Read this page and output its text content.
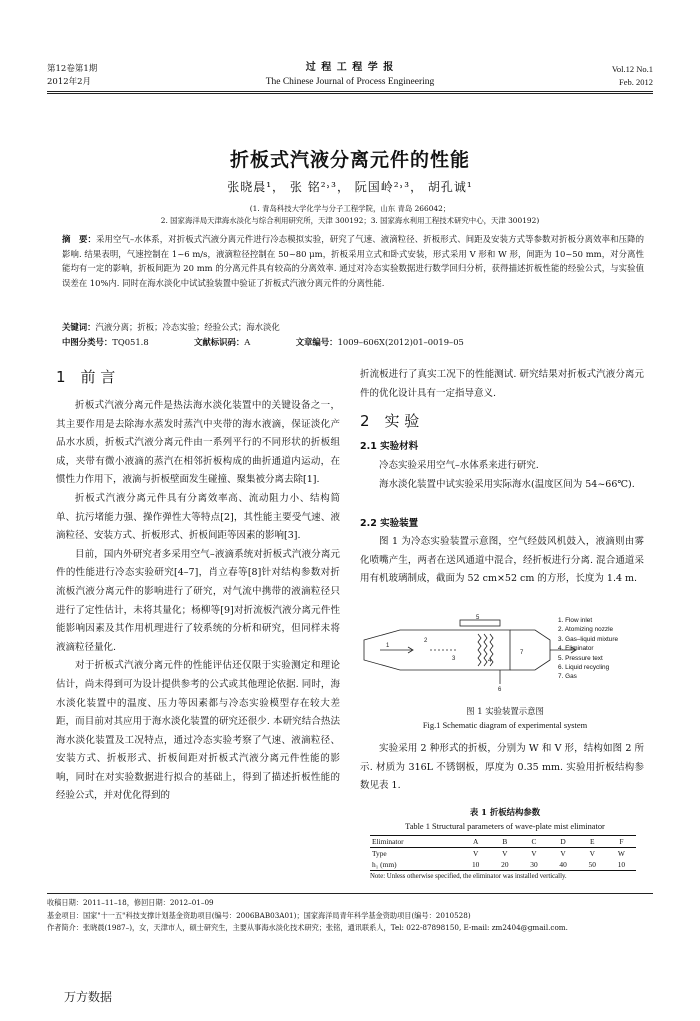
第12卷第1期
2012年2月
过 程 工 程 学 报
The Chinese Journal of Process Engineering
Vol.12 No.1
Feb. 2012
折板式汽液分离元件的性能
张晓晨¹， 张 铭²˒³， 阮国岭²˒³， 胡孔诚¹
(1. 青岛科技大学化学与分子工程学院，山东 青岛 266042；
2. 国家海洋局天津海水淡化与综合利用研究所，天津 300192；3. 国家海水利用工程技术研究中心，天津 300192)
摘　要：采用空气–水体系，对折板式汽液分离元件进行冷态模拟实验，研究了气速、液滴粒径、折板形式、间距及安装方式等参数对折板分离效率和压降的影响. 结果表明，气速控制在 1~6 m/s，液滴粒径控制在 50~80 μm，折板采用立式和卧式安装，形式采用 V 形和 W 形，间距为 10~50 mm，对分离性能均有一定的影响，折板间距为 20 mm 的分离元件具有较高的分离效率. 通过对冷态实验数据进行数学回归分析，获得描述折板性能的经验公式，与实验值误差在 10%内. 同时在海水淡化中试试验装置中验证了折板式汽液分离元件的分离性能.
关键词：汽液分离；折板；冷态实验；经验公式；海水淡化
中图分类号：TQ051.8	文献标识码：A	文章编号：1009–606X(2012)01–0019–05
1　前 言

折板式汽液分离元件是热法海水淡化装置中的关键设备之一，其主要作用是去除海水蒸发时蒸汽中夹带的海水液滴，保证淡化产品水水质，折板式汽液分离元件由一系列平行的不同形状的折板组成，夹带有微小液滴的蒸汽在相邻折板构成的曲折通道内运动，在惯性力作用下，液滴与折板壁面发生碰撞、聚集被分离去除[1].

折板式汽液分离元件具有分离效率高、流动阻力小、结构简单、抗污堵能力强、操作弹性大等特点[2]，其性能主要受气速、液滴粒径、安装方式、折板形式、折板间距等因素的影响[3].

目前，国内外研究者多采用空气–液滴系统对折板式汽液分离元件的性能进行冷态实验研究[4–7]，肖立春等[8]针对结构参数对折流板汽液分离元件的影响进行了研究，对气流中携带的液滴粒径只进行了定性估计，未将其量化；杨柳等[9]对折流板汽液分离元件性能影响因素及其作用机理进行了较系统的分析和研究，但同样未将液滴粒径量化.

对于折板式汽液分离元件的性能评估还仅限于实验测定和理论估计，尚未得到可为设计提供参考的公式或其他理论依据. 同时，海水淡化装置中的温度、压力等因素都与冷态实验模型存在较大差距，而目前对其应用于海水淡化装置的研究还很少. 本研究结合热法海水淡化装置及工况特点，通过冷态实验考察了气速、液滴粒径、安装方式、折板形式、折板间距对折板式汽液分离元件性能的影响，同时在对实验数据进行拟合的基础上，得到了描述折板性能的经验公式，并对优化得到的

折流板进行了真实工况下的性能测试. 研究结果对折板式汽液分离元件的优化设计具有一定指导意义.
2　实 验
2.1 实验材料

冷态实验采用空气–水体系来进行研究.

海水淡化装置中试实验采用实际海水(温度区间为 54~66℃).

2.2 实验装置

图 1 为冷态实验装置示意图，空气经鼓风机鼓入，液滴则由雾化喷嘴产生，两者在送风通道中混合，经折板进行分离. 混合通道采用有机玻璃制成，截面为 52 cm×52 cm 的方形，长度为 1.4 m.

1
2
3	4
5
6
7
1. Flow inlet
2. Atomizing nozzle
3. Gas–liquid mixture
4. Eliminator
5. Pressure text
6. Liquid recycling
7. Gas
图 1 实验装置示意图
Fig.1 Schematic diagram of experimental system

实验采用 2 种形式的折板，分别为 W 和 V 形，结构如图 2 所示. 材质为 316L 不锈钢板，厚度为 0.35 mm. 实验用折板结构参数见表 1.

表 1 折板结构参数
Table 1 Structural parameters of wave-plate mist eliminator
Eliminator	A	B	C	D	E	F
Type	V	V	V	V	V	W
h₁ (mm)	10	20	30	40	50	10
Note: Unless otherwise specified, the eliminator was installed vertically.
收稿日期：2011–11–18，修回日期：2012–01–09
基金项目：国家"十一五"科技支撑计划基金资助项目(编号：2006BAB03A01)；国家海洋局青年科学基金资助项目(编号：2010528)
作者简介：张晓晨(1987–)，女，天津市人，硕士研究生，主要从事海水淡化技术研究；张铭，通讯联系人，Tel: 022-87898150, E-mail: zm2404@gmail.com.
万方数据
